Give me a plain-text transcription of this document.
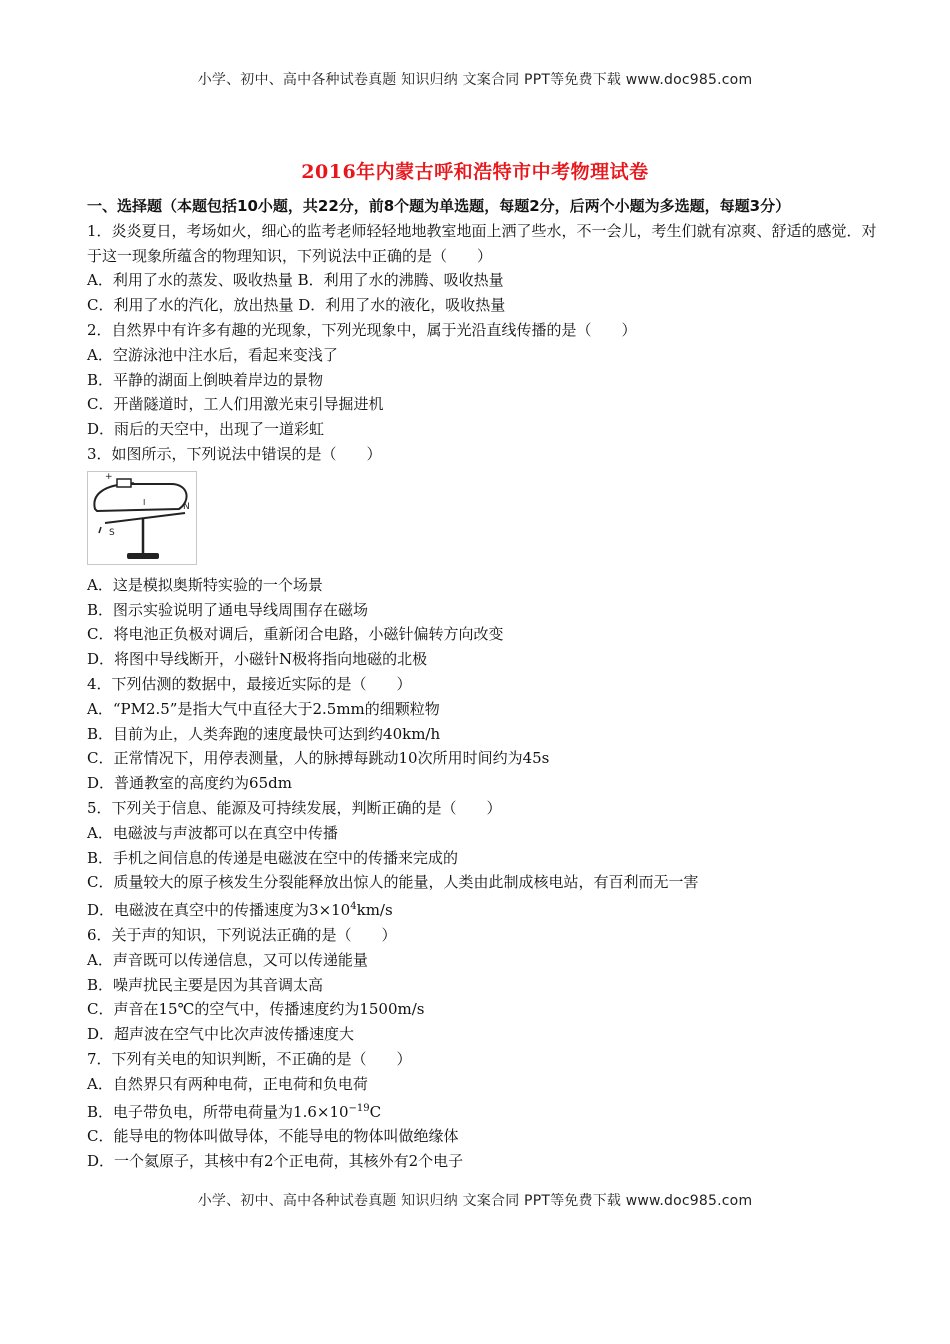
小学、初中、高中各种试卷真题 知识归纳 文案合同 PPT等免费下载 www.doc985.com
2016年内蒙古呼和浩特市中考物理试卷
一、选择题（本题包括10小题，共22分，前8个题为单选题，每题2分，后两个小题为多选题，每题3分）
1．炎炎夏日，考场如火，细心的监考老师轻轻地地教室地面上洒了些水，不一会儿，考生们就有凉爽、舒适的感觉．对于这一现象所蕴含的物理知识，下列说法中正确的是（　　）
A．利用了水的蒸发、吸收热量 B．利用了水的沸腾、吸收热量
C．利用了水的汽化，放出热量 D．利用了水的液化，吸收热量
2．自然界中有许多有趣的光现象，下列光现象中，属于光沿直线传播的是（　　）
A．空游泳池中注水后，看起来变浅了
B．平静的湖面上倒映着岸边的景物
C．开凿隧道时，工人们用激光束引导掘进机
D．雨后的天空中，出现了一道彩虹
3．如图所示，下列说法中错误的是（　　）
+
I
S
N
A．这是模拟奥斯特实验的一个场景
B．图示实验说明了通电导线周围存在磁场
C．将电池正负极对调后，重新闭合电路，小磁针偏转方向改变
D．将图中导线断开，小磁针N极将指向地磁的北极
4．下列估测的数据中，最接近实际的是（　　）
A．“PM2.5”是指大气中直径大于2.5mm的细颗粒物
B．目前为止，人类奔跑的速度最快可达到约40km/h
C．正常情况下，用停表测量，人的脉搏每跳动10次所用时间约为45s
D．普通教室的高度约为65dm
5．下列关于信息、能源及可持续发展，判断正确的是（　　）
A．电磁波与声波都可以在真空中传播
B．手机之间信息的传递是电磁波在空中的传播来完成的
C．质量较大的原子核发生分裂能释放出惊人的能量，人类由此制成核电站，有百利而无一害
D．电磁波在真空中的传播速度为$3\times 10^4km/s$
6．关于声的知识，下列说法正确的是（　　）
A．声音既可以传递信息，又可以传递能量
B．噪声扰民主要是因为其音调太高
C．声音在15℃的空气中，传播速度约为1500m/s
D．超声波在空气中比次声波传播速度大
7．下列有关电的知识判断，不正确的是（　　）
A．自然界只有两种电荷，正电荷和负电荷
B．电子带负电，所带电荷量为$1.6\times 10^{-19}C$
C．能导电的物体叫做导体，不能导电的物体叫做绝缘体
D．一个氦原子，其核中有2个正电荷，其核外有2个电子
小学、初中、高中各种试卷真题 知识归纳 文案合同 PPT等免费下载 www.doc985.com
